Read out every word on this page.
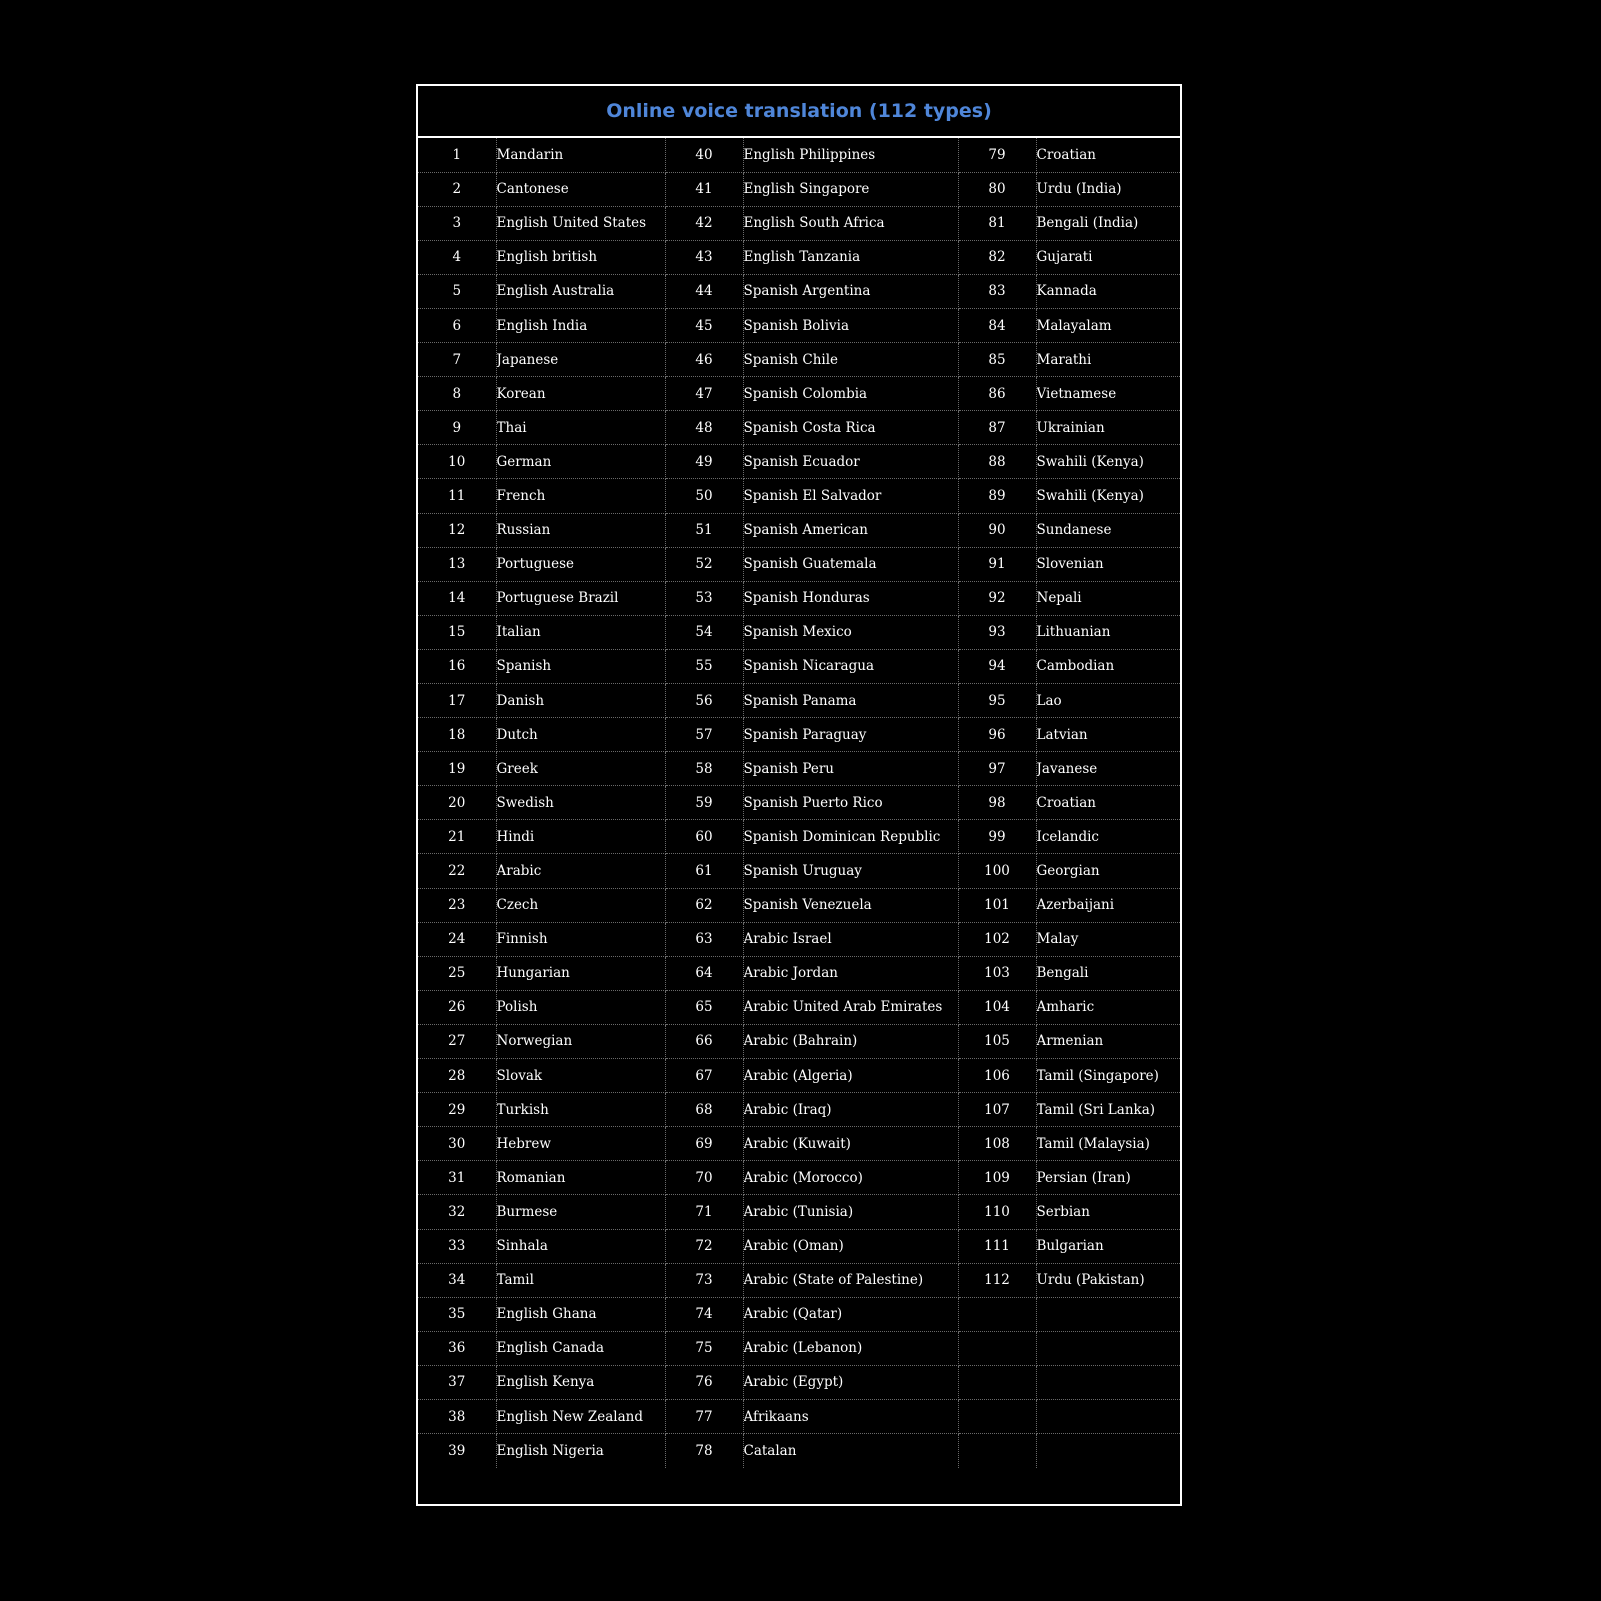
Online voice translation (112 types)
1	Mandarin	40	English Philippines	79	Croatian
2	Cantonese	41	English Singapore	80	Urdu (India)
3	English United States	42	English South Africa	81	Bengali (India)
4	English british	43	English Tanzania	82	Gujarati
5	English Australia	44	Spanish Argentina	83	Kannada
6	English India	45	Spanish Bolivia	84	Malayalam
7	Japanese	46	Spanish Chile	85	Marathi
8	Korean	47	Spanish Colombia	86	Vietnamese
9	Thai	48	Spanish Costa Rica	87	Ukrainian
10	German	49	Spanish Ecuador	88	Swahili (Kenya)
11	French	50	Spanish El Salvador	89	Swahili (Kenya)
12	Russian	51	Spanish American	90	Sundanese
13	Portuguese	52	Spanish Guatemala	91	Slovenian
14	Portuguese Brazil	53	Spanish Honduras	92	Nepali
15	Italian	54	Spanish Mexico	93	Lithuanian
16	Spanish	55	Spanish Nicaragua	94	Cambodian
17	Danish	56	Spanish Panama	95	Lao
18	Dutch	57	Spanish Paraguay	96	Latvian
19	Greek	58	Spanish Peru	97	Javanese
20	Swedish	59	Spanish Puerto Rico	98	Croatian
21	Hindi	60	Spanish Dominican Republic	99	Icelandic
22	Arabic	61	Spanish Uruguay	100	Georgian
23	Czech	62	Spanish Venezuela	101	Azerbaijani
24	Finnish	63	Arabic Israel	102	Malay
25	Hungarian	64	Arabic Jordan	103	Bengali
26	Polish	65	Arabic United Arab Emirates	104	Amharic
27	Norwegian	66	Arabic (Bahrain)	105	Armenian
28	Slovak	67	Arabic (Algeria)	106	Tamil (Singapore)
29	Turkish	68	Arabic (Iraq)	107	Tamil (Sri Lanka)
30	Hebrew	69	Arabic (Kuwait)	108	Tamil (Malaysia)
31	Romanian	70	Arabic (Morocco)	109	Persian (Iran)
32	Burmese	71	Arabic (Tunisia)	110	Serbian
33	Sinhala	72	Arabic (Oman)	111	Bulgarian
34	Tamil	73	Arabic (State of Palestine)	112	Urdu (Pakistan)
35	English Ghana	74	Arabic (Qatar)		
36	English Canada	75	Arabic (Lebanon)		
37	English Kenya	76	Arabic (Egypt)		
38	English New Zealand	77	Afrikaans		
39	English Nigeria	78	Catalan		
